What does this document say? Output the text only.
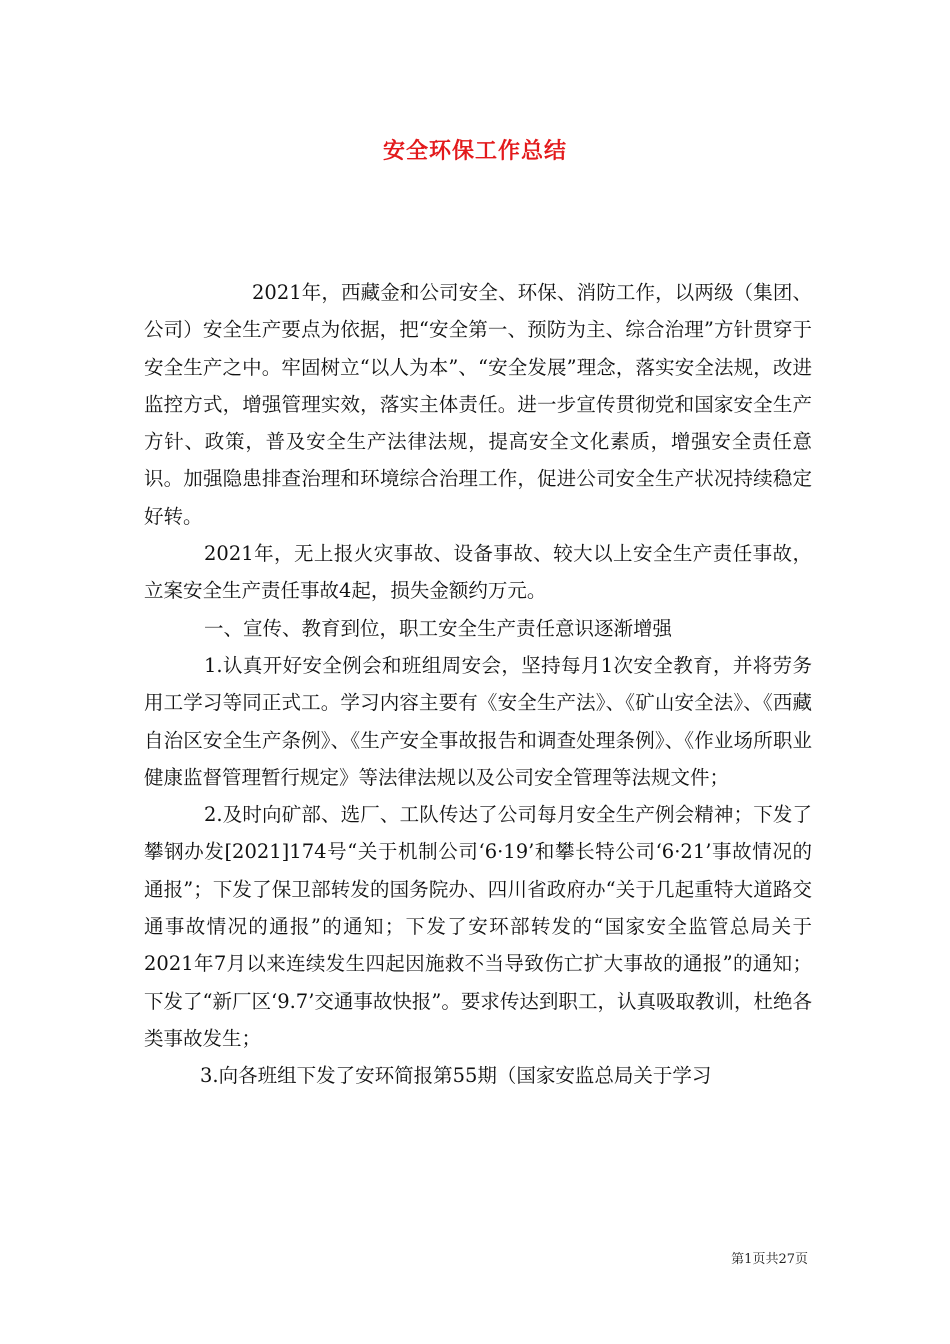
安全环保工作总结

2021年，西藏金和公司安全、环保、消防工作，以两级（集团、公司）安全生产要点为依据，把“安全第一、预防为主、综合治理”方针贯穿于安全生产之中。牢固树立“以人为本”、“安全发展”理念，落实安全法规，改进监控方式，增强管理实效，落实主体责任。进一步宣传贯彻党和国家安全生产方针、政策，普及安全生产法律法规，提高安全文化素质，增强安全责任意识。加强隐患排查治理和环境综合治理工作，促进公司安全生产状况持续稳定好转。

2021年，无上报火灾事故、设备事故、较大以上安全生产责任事故，立案安全生产责任事故4起，损失金额约万元。

一、宣传、教育到位，职工安全生产责任意识逐渐增强

1.认真开好安全例会和班组周安会，坚持每月1次安全教育，并将劳务用工学习等同正式工。学习内容主要有《安全生产法》、《矿山安全法》、《西藏自治区安全生产条例》、《生产安全事故报告和调查处理条例》、《作业场所职业健康监督管理暂行规定》等法律法规以及公司安全管理等法规文件；

2.及时向矿部、选厂、工队传达了公司每月安全生产例会精神；下发了攀钢办发[2021]174号“关于机制公司‘6·19’和攀长特公司‘6·21’事故情况的通报”；下发了保卫部转发的国务院办、四川省政府办“关于几起重特大道路交通事故情况的通报”的通知；下发了安环部转发的“国家安全监管总局关于2021年7月以来连续发生四起因施救不当导致伤亡扩大事故的通报”的通知；下发了“新厂区‘9.7’交通事故快报”。要求传达到职工，认真吸取教训，杜绝各类事故发生；

3.向各班组下发了安环简报第55期（国家安监总局关于学习

第1页共27页
